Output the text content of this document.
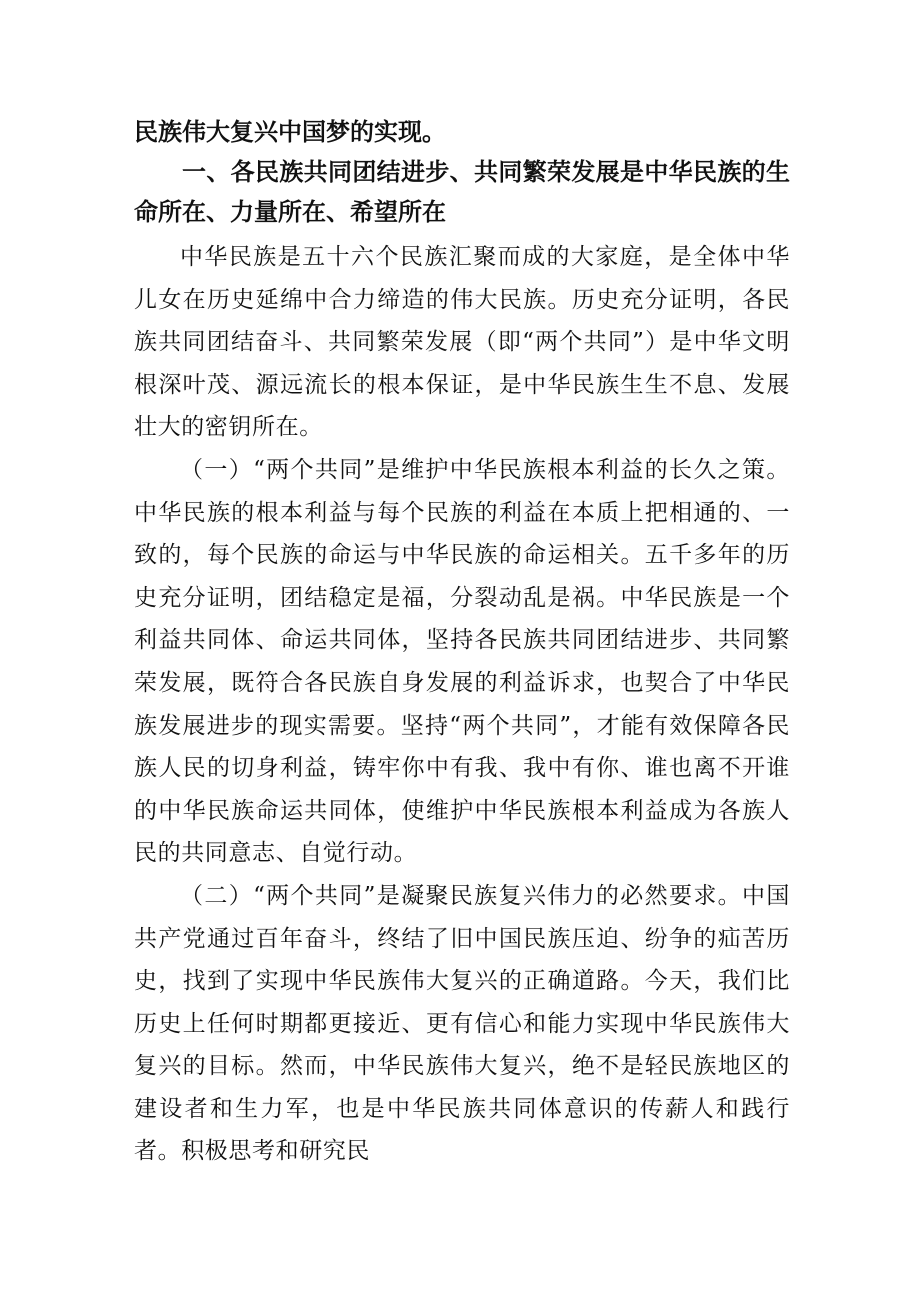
民族伟大复兴中国梦的实现。

一、各民族共同团结进步、共同繁荣发展是中华民族的生命所在、力量所在、希望所在

中华民族是五十六个民族汇聚而成的大家庭，是全体中华儿女在历史延绵中合力缔造的伟大民族。历史充分证明，各民族共同团结奋斗、共同繁荣发展（即“两个共同”）是中华文明根深叶茂、源远流长的根本保证，是中华民族生生不息、发展壮大的密钥所在。

（一）“两个共同”是维护中华民族根本利益的长久之策。中华民族的根本利益与每个民族的利益在本质上把相通的、一致的，每个民族的命运与中华民族的命运相关。五千多年的历史充分证明，团结稳定是福，分裂动乱是祸。中华民族是一个利益共同体、命运共同体，坚持各民族共同团结进步、共同繁荣发展，既符合各民族自身发展的利益诉求，也契合了中华民族发展进步的现实需要。坚持“两个共同”，才能有效保障各民族人民的切身利益，铸牢你中有我、我中有你、谁也离不开谁的中华民族命运共同体，使维护中华民族根本利益成为各族人民的共同意志、自觉行动。

（二）“两个共同”是凝聚民族复兴伟力的必然要求。中国共产党通过百年奋斗，终结了旧中国民族压迫、纷争的疝苦历史，找到了实现中华民族伟大复兴的正确道路。今天，我们比历史上任何时期都更接近、更有信心和能力实现中华民族伟大复兴的目标。然而，中华民族伟大复兴，绝不是轻民族地区的建设者和生力军，也是中华民族共同体意识的传薪人和践行者。积极思考和研究民
